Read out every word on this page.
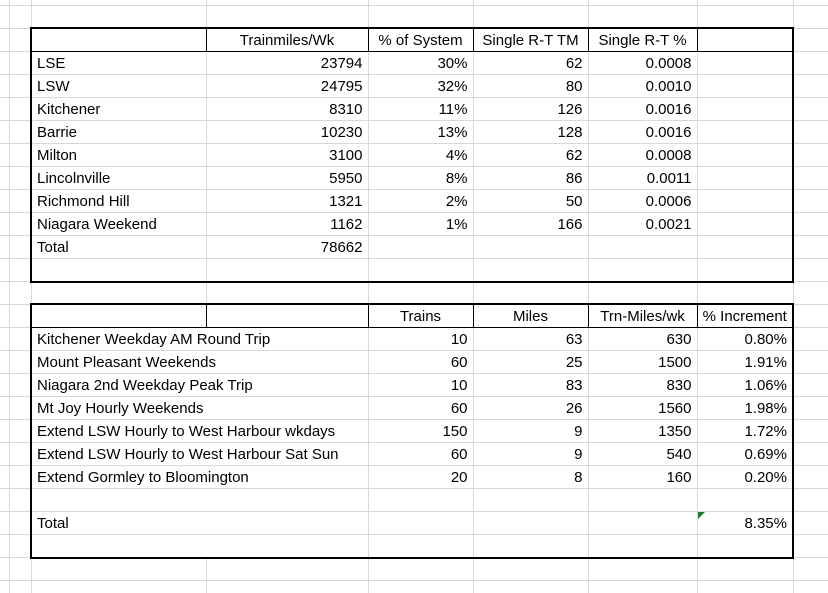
	Trainmiles/Wk	% of System	Single R-T TM	Single R-T %	
LSE	23794	30%	62	0.0008	
LSW	24795	32%	80	0.0010	
Kitchener	8310	11%	126	0.0016	
Barrie	10230	13%	128	0.0016	
Milton	3100	4%	62	0.0008	
Lincolnville	5950	8%	86	0.0011	
Richmond Hill	1321	2%	50	0.0006	
Niagara Weekend	1162	1%	166	0.0021	
Total	78662				

		Trains	Miles	Trn-Miles/wk	% Increment
Kitchener Weekday AM Round Trip		10	63	630	0.80%
Mount Pleasant Weekends		60	25	1500	1.91%
Niagara 2nd Weekday Peak Trip		10	83	830	1.06%
Mt Joy Hourly Weekends		60	26	1560	1.98%
Extend LSW Hourly to West Harbour wkdays		150	9	1350	1.72%
Extend LSW Hourly to West Harbour Sat Sun		60	9	540	0.69%
Extend Gormley to Bloomington		20	8	160	0.20%

Total					8.35%
